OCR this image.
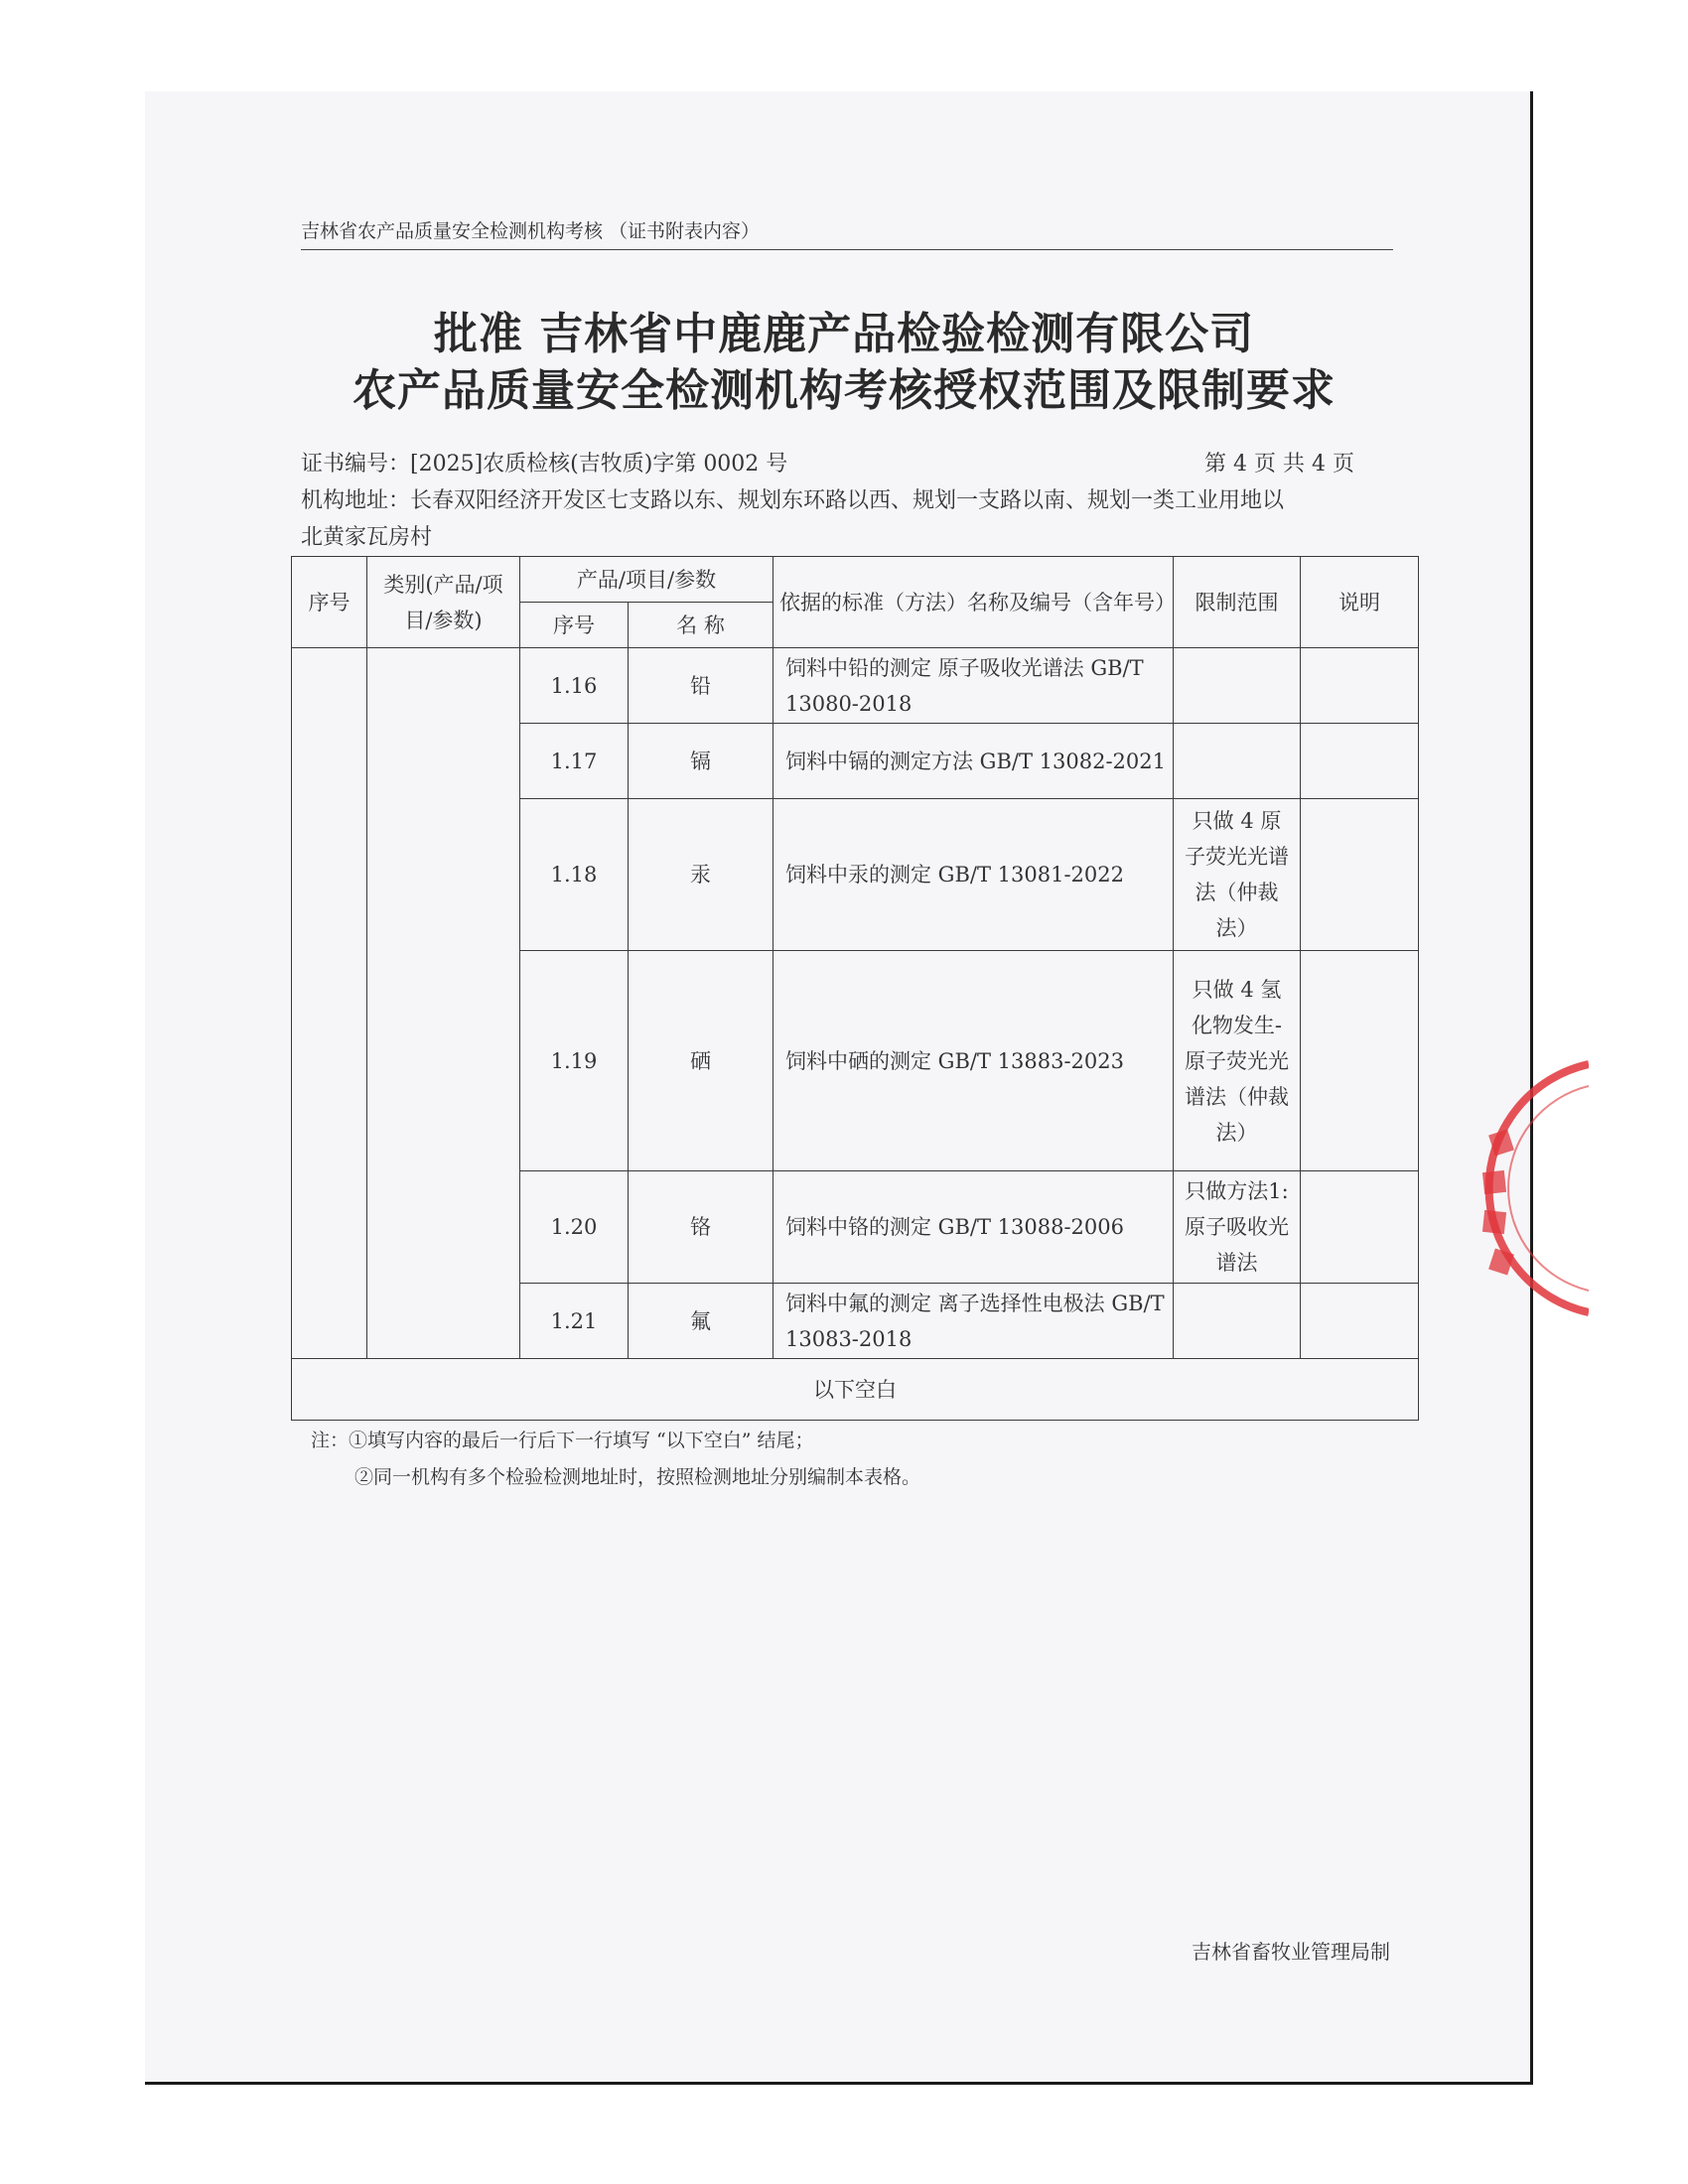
吉林省农产品质量安全检测机构考核 （证书附表内容）
批准 吉林省中鹿鹿产品检验检测有限公司
农产品质量安全检测机构考核授权范围及限制要求
证书编号：[2025]农质检核(吉牧质)字第 0002 号	第 4 页 共 4 页
机构地址：长春双阳经济开发区七支路以东、规划东环路以西、规划一支路以南、规划一类工业用地以
北黄家瓦房村
序号	类别(产品/项目/参数)	产品/项目/参数		依据的标准（方法）名称及编号（含年号）	限制范围	说明
		序号	名 称			
		1.16	铅	饲料中铅的测定 原子吸收光谱法 GB/T 13080-2018		
		1.17	镉	饲料中镉的测定方法 GB/T 13082-2021		
		1.18	汞	饲料中汞的测定 GB/T 13081-2022	只做 4 原子荧光光谱法（仲裁法）	
		1.19	硒	饲料中硒的测定 GB/T 13883-2023	只做 4 氢化物发生-原子荧光光谱法（仲裁法）	
		1.20	铬	饲料中铬的测定 GB/T 13088-2006	只做方法1:原子吸收光谱法	
		1.21	氟	饲料中氟的测定 离子选择性电极法 GB/T 13083-2018		
以下空白						
注：①填写内容的最后一行后下一行填写 “以下空白” 结尾；
②同一机构有多个检验检测地址时，按照检测地址分别编制本表格。
吉林省畜牧业管理局制
